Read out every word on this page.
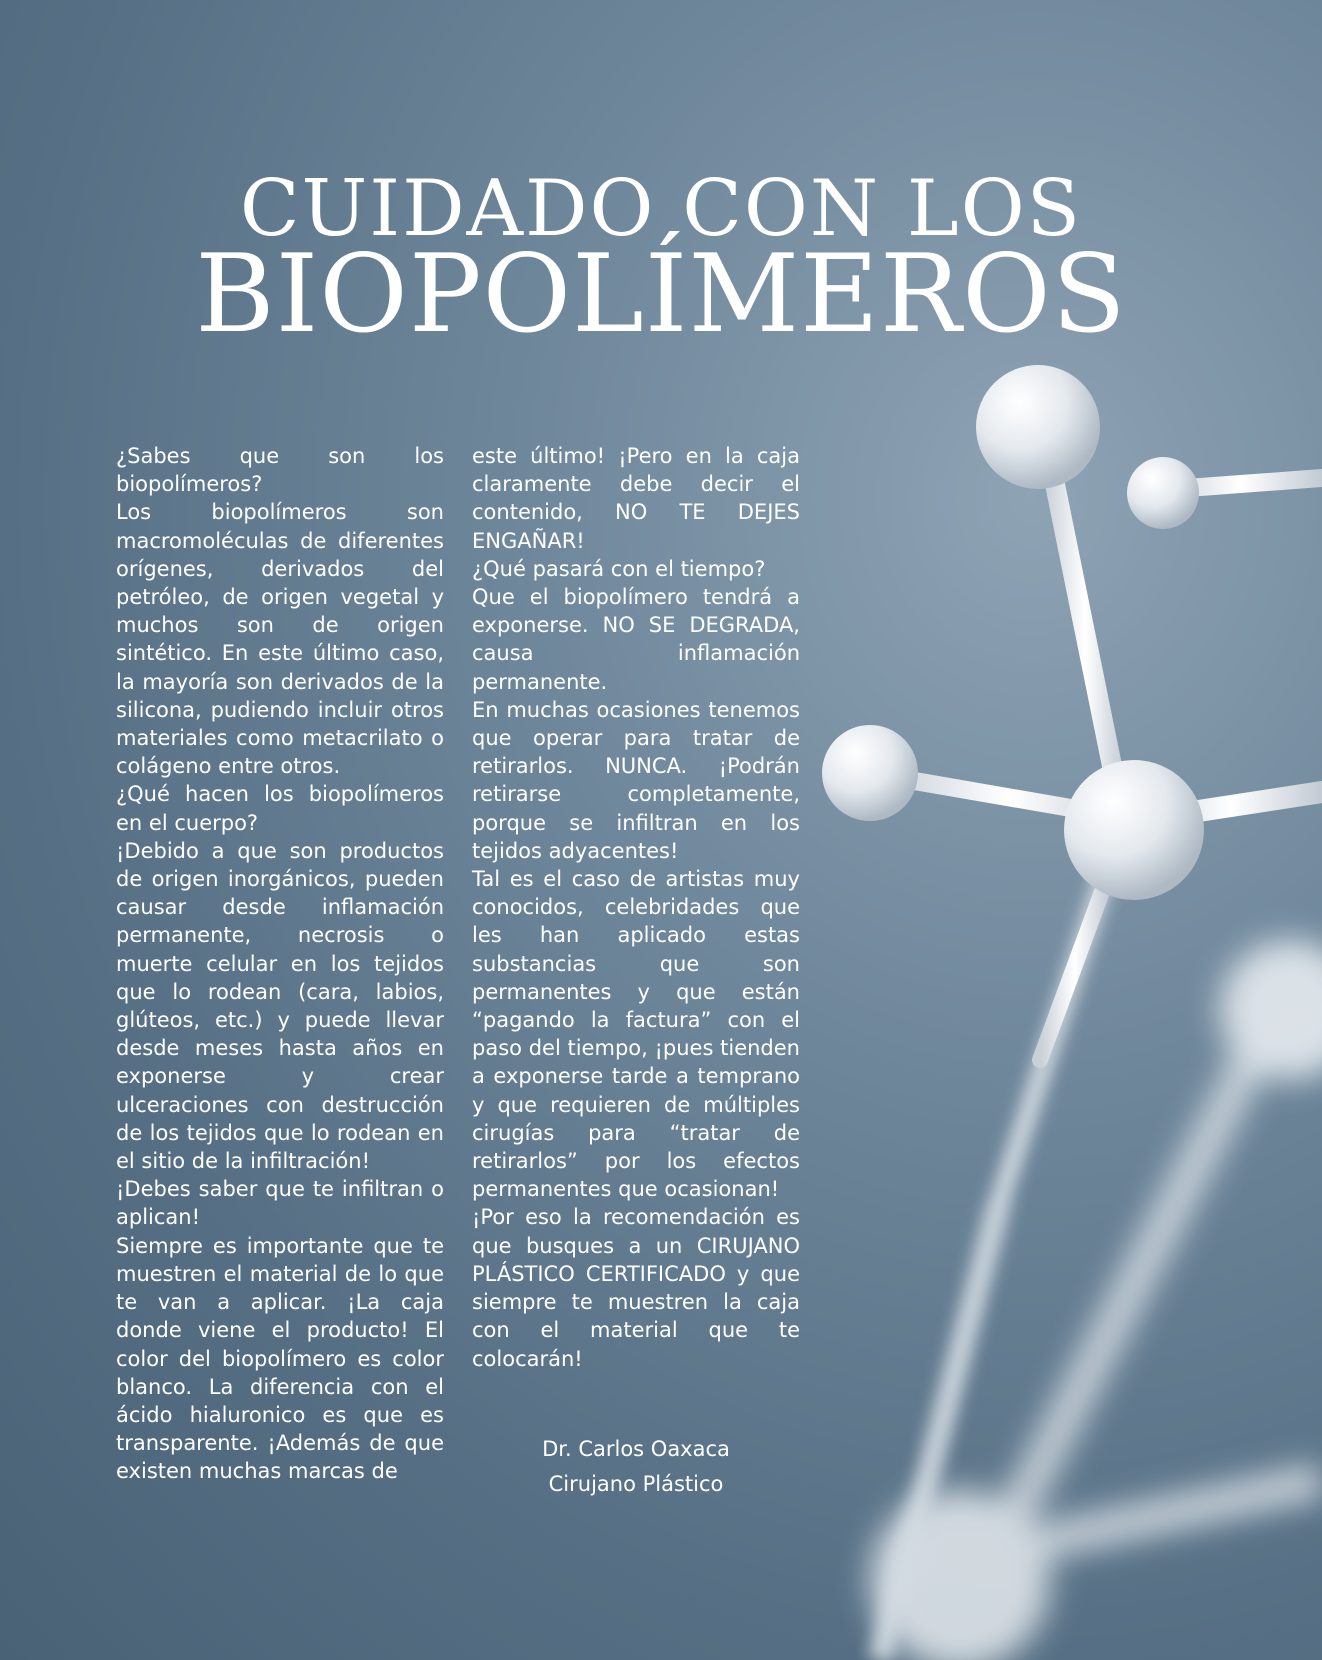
CUIDADO CON LOS
BIOPOLÍMEROS

¿Sabes que son los biopolímeros?

Los biopolímeros son macromoléculas de diferentes orígenes, derivados del petróleo, de origen vegetal y muchos son de origen sintético. En este último caso, la mayoría son derivados de la silicona, pudiendo incluir otros materiales como metacrilato o colágeno entre otros.

¿Qué hacen los biopolímeros en el cuerpo?

¡Debido a que son productos de origen inorgánicos, pueden causar desde inflamación permanente, necrosis o muerte celular en los tejidos que lo rodean (cara, labios, glúteos, etc.) y puede llevar desde meses hasta años en exponerse y crear ulceraciones con destrucción de los tejidos que lo rodean en el sitio de la infiltración!

¡Debes saber que te infiltran o aplican!

Siempre es importante que te muestren el material de lo que te van a aplicar. ¡La caja donde viene el producto! El color del biopolímero es color blanco. La diferencia con el ácido hialuronico es que es transparente. ¡Además de que existen muchas marcas de

este último! ¡Pero en la caja claramente debe decir el contenido, NO TE DEJES ENGAÑAR!

¿Qué pasará con el tiempo?

Que el biopolímero tendrá a exponerse. NO SE DEGRADA, causa inflamación permanente.

En muchas ocasiones tenemos que operar para tratar de retirarlos. NUNCA. ¡Podrán retirarse completamente, porque se infiltran en los tejidos adyacentes!

Tal es el caso de artistas muy conocidos, celebridades que les han aplicado estas substancias que son permanentes y que están “pagando la factura” con el paso del tiempo, ¡pues tienden a exponerse tarde a temprano y que requieren de múltiples cirugías para “tratar de retirarlos” por los efectos permanentes que ocasionan!

¡Por eso la recomendación es que busques a un CIRUJANO PLÁSTICO CERTIFICADO y que siempre te muestren la caja con el material que te colocarán!

Dr. Carlos Oaxaca
Cirujano Plástico
